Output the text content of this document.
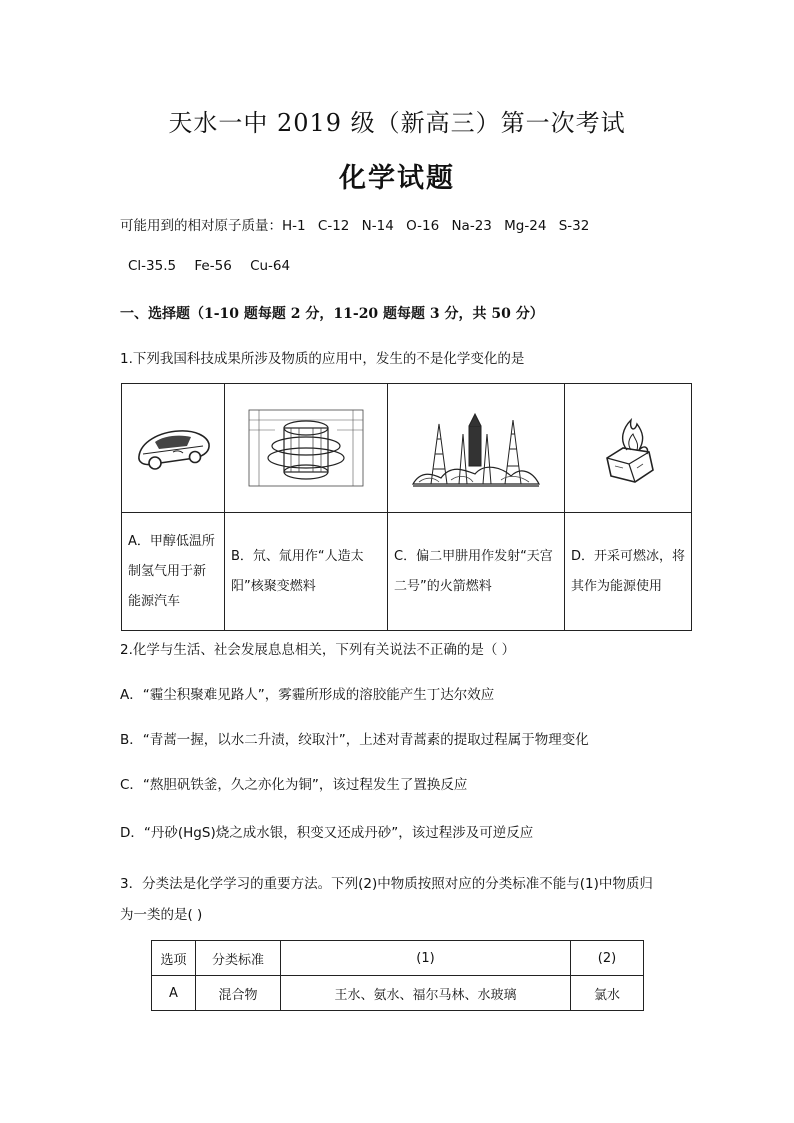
天水一中 2019 级（新高三）第一次考试
化学试题
可能用到的相对原子质量：H-1 C-12 N-14 O-16 Na-23 Mg-24 S-32
Cl-35.5 Fe-56 Cu-64
一、选择题（1-10 题每题 2 分，11-20 题每题 3 分，共 50 分）
1.下列我国科技成果所涉及物质的应用中，发生的不是化学变化的是

A．甲醇低温所制氢气用于新能源汽车	B．氘、氚用作“人造太阳”核聚变燃料	C．偏二甲肼用作发射“天宫二号”的火箭燃料	D．开采可燃冰，将其作为能源使用
2.化学与生活、社会发展息息相关，下列有关说法不正确的是（ ）
A．“霾尘积聚难见路人”，雾霾所形成的溶胶能产生丁达尔效应
B．“青蒿一握，以水二升渍，绞取汁”，上述对青蒿素的提取过程属于物理变化
C．“熬胆矾铁釜，久之亦化为铜”，该过程发生了置换反应
D．“丹砂(HgS)烧之成水银，积变又还成丹砂”，该过程涉及可逆反应
3．分类法是化学学习的重要方法。下列(2)中物质按照对应的分类标准不能与(1)中物质归
为一类的是( )
选项	分类标准	(1)	(2)
A	混合物	王水、氨水、福尔马林、水玻璃	氯水
